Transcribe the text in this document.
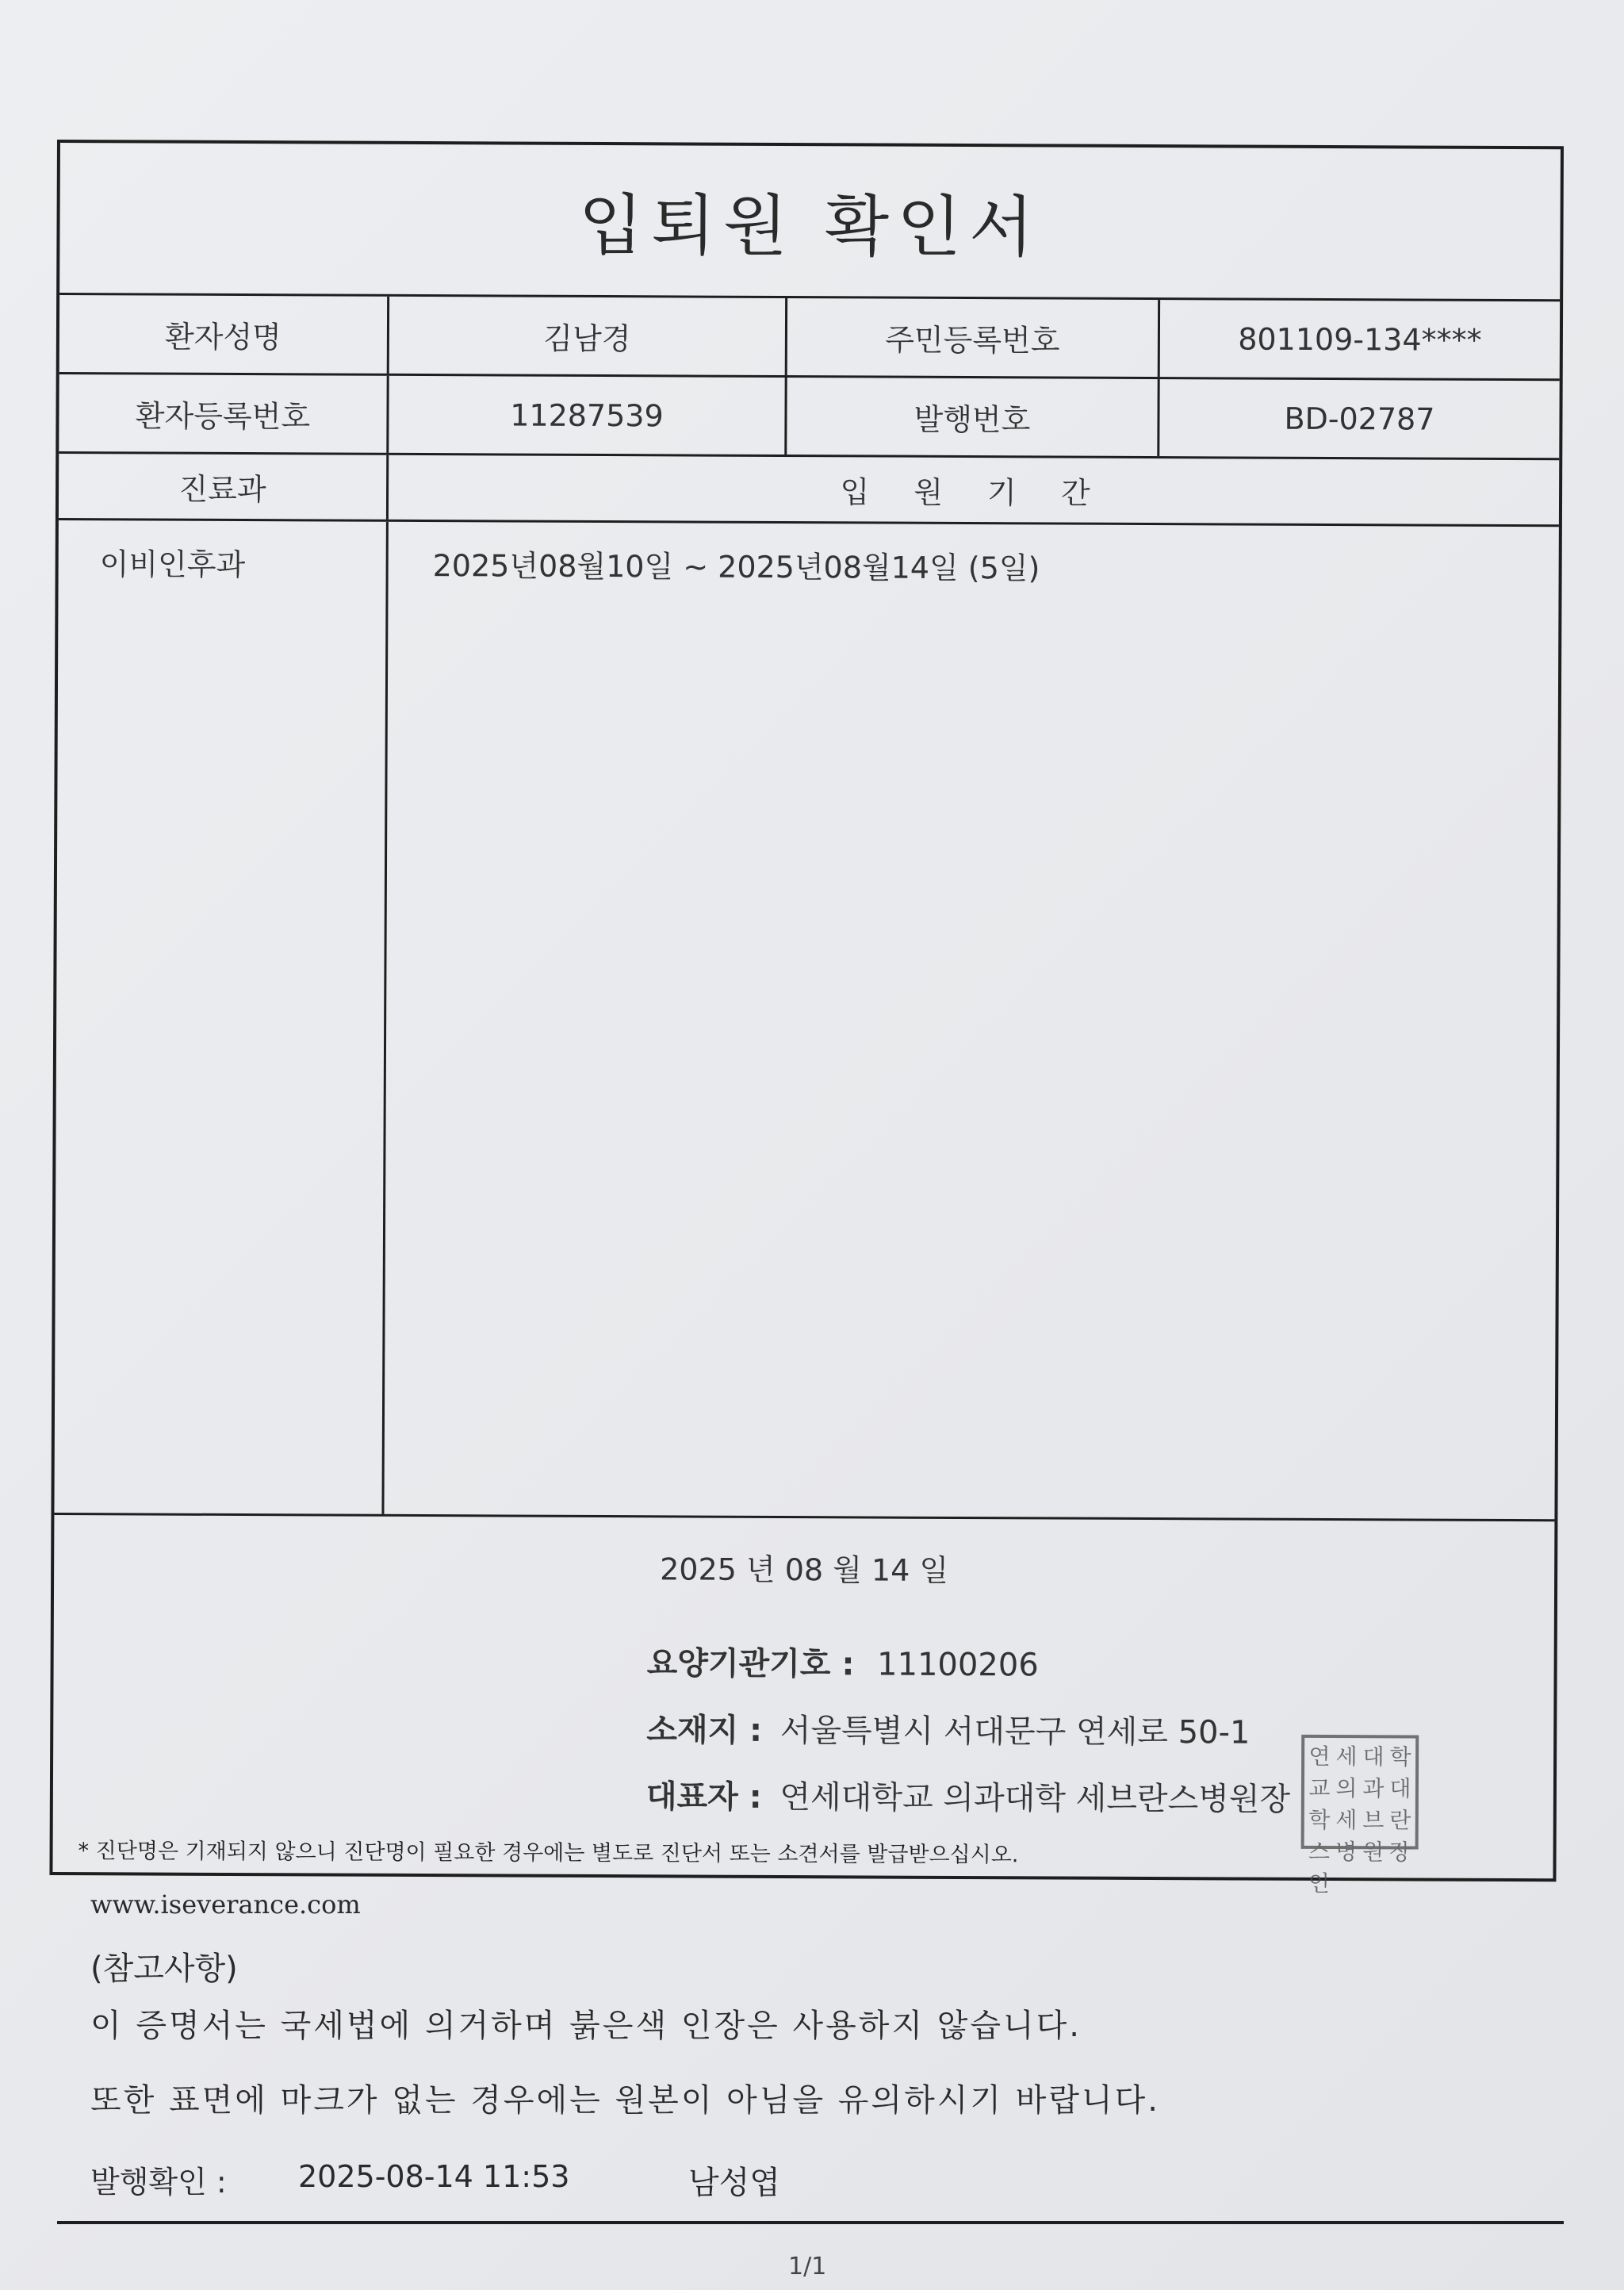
입퇴원 확인서
환자성명	김남경	주민등록번호	801109-134****
환자등록번호	11287539	발행번호	BD-02787
진료과	입 원 기 간
이비인후과	2025년08월10일 ~ 2025년08월14일 (5일)
2025 년 08 월 14 일
요양기관기호 : 11100206
소재지 : 서울특별시 서대문구 연세로 50-1
대표자 : 연세대학교 의과대학 세브란스병원장
연 세 대 학
교 의 과 대
학 세 브 란
스 병 원 장
인
* 진단명은 기재되지 않으니 진단명이 필요한 경우에는 별도로 진단서 또는 소견서를 발급받으십시오.
www.iseverance.com
(참고사항)
이 증명서는 국세법에 의거하며 붉은색 인장은 사용하지 않습니다.
또한 표면에 마크가 없는 경우에는 원본이 아님을 유의하시기 바랍니다.
발행확인 : 2025-08-14 11:53	남성엽
1/1
